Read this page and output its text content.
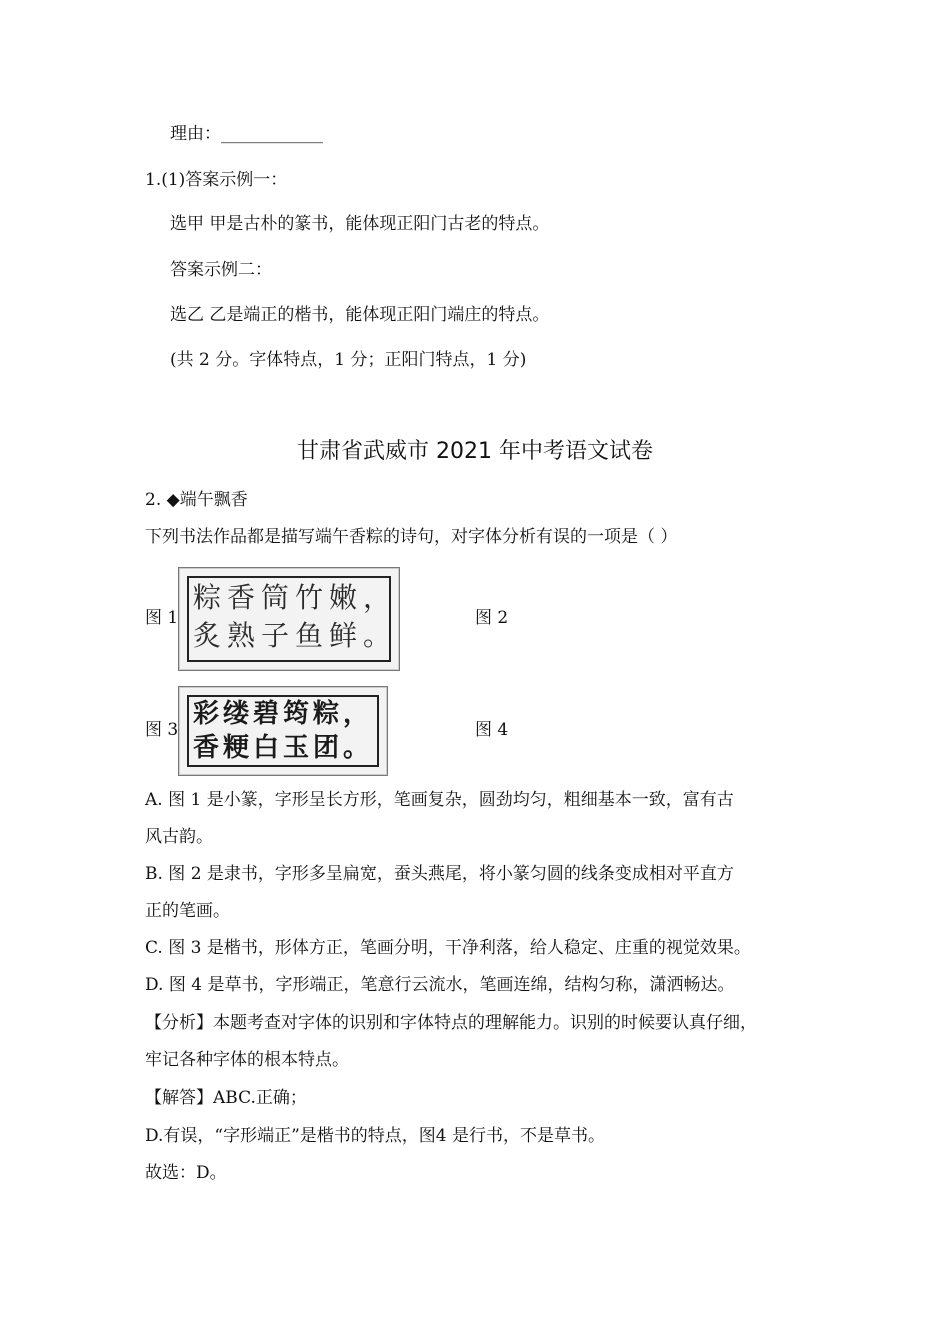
理由：____________
1.(1)答案示例一：
选甲 甲是古朴的篆书，能体现正阳门古老的特点。
答案示例二：
选乙 乙是端正的楷书，能体现正阳门端庄的特点。
(共 2 分。字体特点，1 分；正阳门特点，1 分)
甘肃省武威市 2021 年中考语文试卷
2. ◆端午飘香
下列书法作品都是描写端午香粽的诗句，对字体分析有误的一项是（ ）
图 1
粽香筒竹嫩，
炙熟子鱼鲜。
图 2
图 3
彩缕碧筠粽，
香粳白玉团。
图 4
A. 图 1 是小篆，字形呈长方形，笔画复杂，圆劲均匀，粗细基本一致，富有古
风古韵。
B. 图 2 是隶书，字形多呈扁宽，蚕头燕尾，将小篆匀圆的线条变成相对平直方
正的笔画。
C. 图 3 是楷书，形体方正，笔画分明，干净利落，给人稳定、庄重的视觉效果。
D. 图 4 是草书，字形端正，笔意行云流水，笔画连绵，结构匀称，潇洒畅达。
【分析】本题考查对字体的识别和字体特点的理解能力。识别的时候要认真仔细，
牢记各种字体的根本特点。
【解答】ABC.正确；
D.有误，“字形端正”是楷书的特点，图4 是行书，不是草书。
故选：D。
